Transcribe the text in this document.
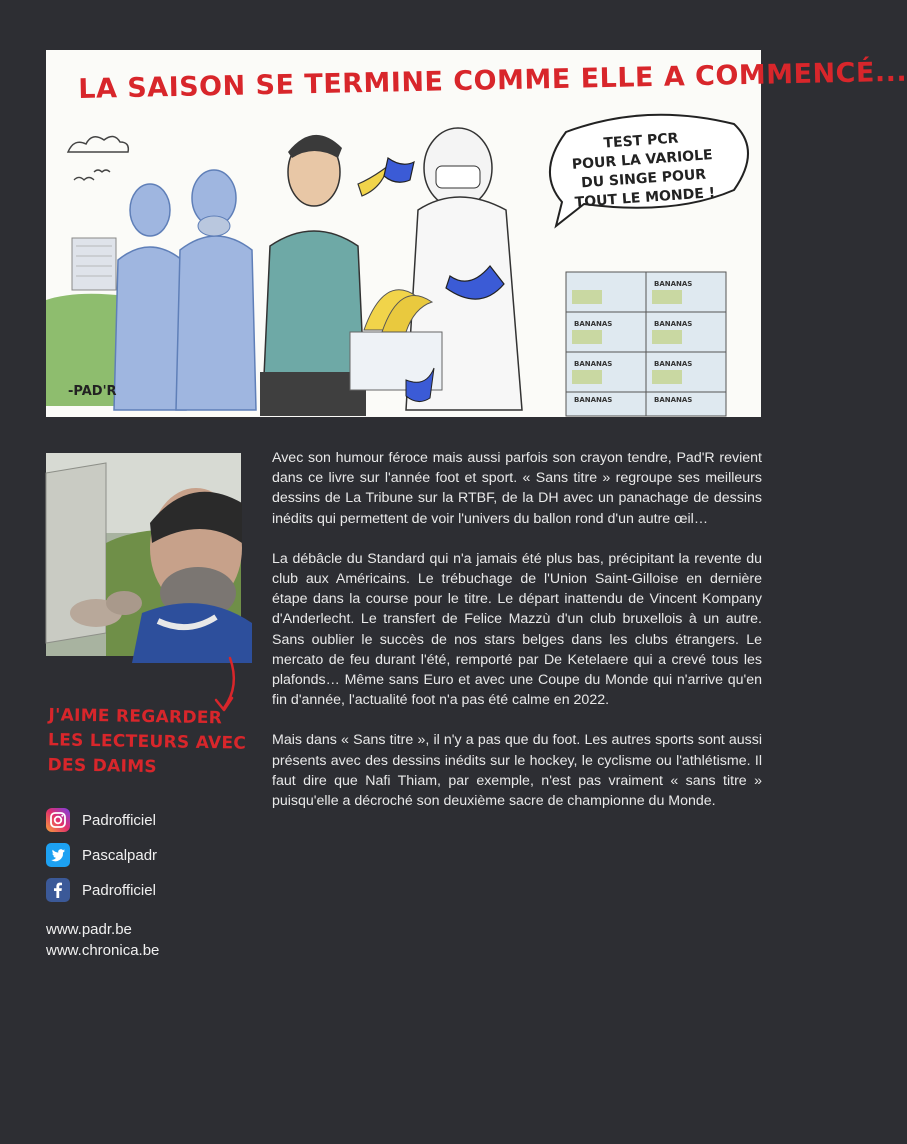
LA SAISON SE TERMINE COMME ELLE A COMMENCÉ...
TEST PCR
POUR LA VARIOLE
DU SINGE POUR
TOUT LE MONDE !
BANANAS
BANANAS	BANANAS
BANANAS	BANANAS
BANANAS	BANANAS
-PAD'R
J'AIME REGARDER
LES LECTEURS AVEC
DES DAIMS
Padrofficiel
Pascalpadr
Padrofficiel
www.padr.be
www.chronica.be

Avec son humour féroce mais aussi parfois son crayon tendre, Pad'R revient dans ce livre sur l'année foot et sport. « Sans titre » regroupe ses meilleurs dessins de La Tribune sur la RTBF, de la DH avec un panachage de dessins inédits qui permettent de voir l'univers du ballon rond d'un autre œil…

La débâcle du Standard qui n'a jamais été plus bas, précipitant la revente du club aux Américains. Le trébuchage de l'Union Saint-Gilloise en dernière étape dans la course pour le titre. Le départ inattendu de Vincent Kompany d'Anderlecht. Le transfert de Felice Mazzù d'un club bruxellois à un autre. Sans oublier le succès de nos stars belges dans les clubs étrangers. Le mercato de feu durant l'été, remporté par De Ketelaere qui a crevé tous les plafonds… Même sans Euro et avec une Coupe du Monde qui n'arrive qu'en fin d'année, l'actualité foot n'a pas été calme en 2022.

Mais dans « Sans titre », il n'y a pas que du foot. Les autres sports sont aussi présents avec des dessins inédits sur le hockey, le cyclisme ou l'athlétisme. Il faut dire que Nafi Thiam, par exemple, n'est pas vraiment « sans titre » puisqu'elle a décroché son deuxième sacre de championne du Monde.
